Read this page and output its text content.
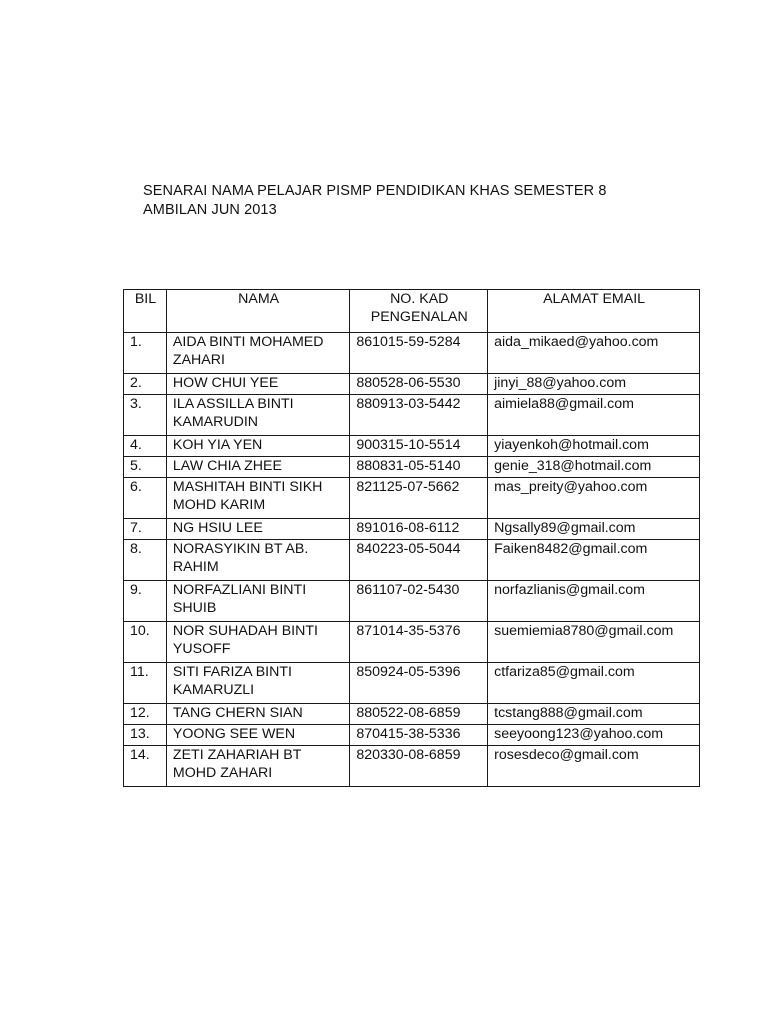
SENARAI NAMA PELAJAR PISMP PENDIDIKAN KHAS SEMESTER 8
AMBILAN JUN 2013
BIL	NAMA	NO. KAD PENGENALAN	ALAMAT EMAIL
1.	AIDA BINTI MOHAMED ZAHARI	861015-59-5284	aida_mikaed@yahoo.com
2.	HOW CHUI YEE	880528-06-5530	jinyi_88@yahoo.com
3.	ILA ASSILLA BINTI KAMARUDIN	880913-03-5442	aimiela88@gmail.com
4.	KOH YIA YEN	900315-10-5514	yiayenkoh@hotmail.com
5.	LAW CHIA ZHEE	880831-05-5140	genie_318@hotmail.com
6.	MASHITAH BINTI SIKH MOHD KARIM	821125-07-5662	mas_preity@yahoo.com
7.	NG HSIU LEE	891016-08-6112	Ngsally89@gmail.com
8.	NORASYIKIN BT AB. RAHIM	840223-05-5044	Faiken8482@gmail.com
9.	NORFAZLIANI BINTI SHUIB	861107-02-5430	norfazlianis@gmail.com
10.	NOR SUHADAH BINTI YUSOFF	871014-35-5376	suemiemia8780@gmail.com
11.	SITI FARIZA BINTI KAMARUZLI	850924-05-5396	ctfariza85@gmail.com
12.	TANG CHERN SIAN	880522-08-6859	tcstang888@gmail.com
13.	YOONG SEE WEN	870415-38-5336	seeyoong123@yahoo.com
14.	ZETI ZAHARIAH BT MOHD ZAHARI	820330-08-6859	rosesdeco@gmail.com
